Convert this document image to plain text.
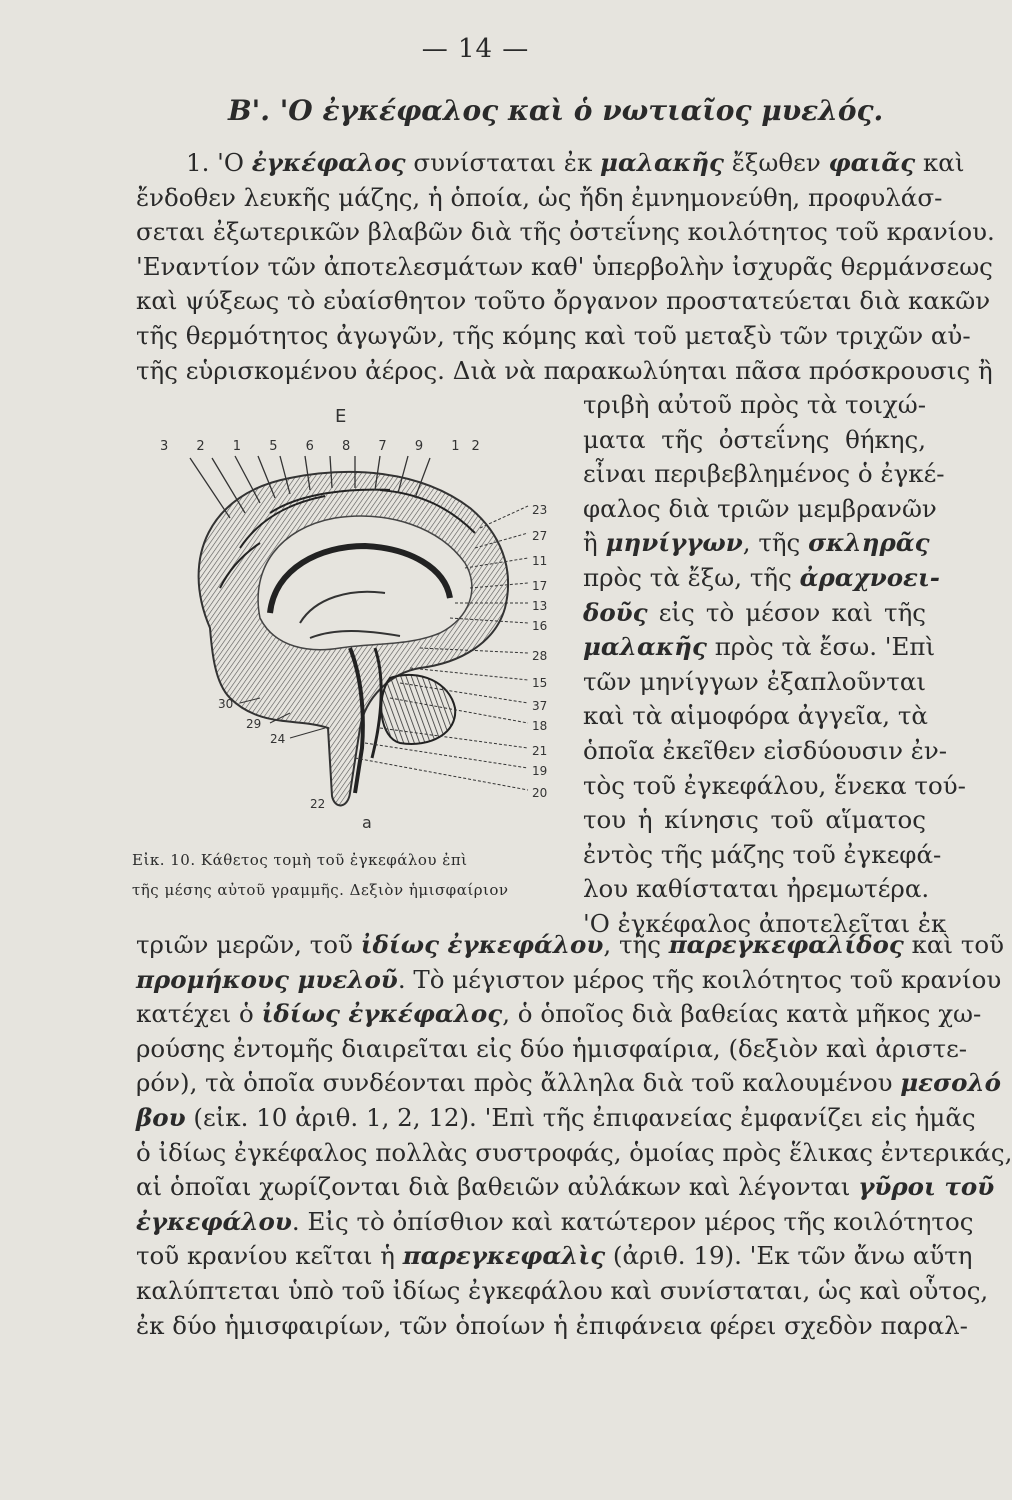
— 14 —
Β'. 'Ο ἐγκέφαλος καὶ ὁ νωτιαῖος μυελός.
1. 'Ο ἐγκέφαλος συνίσταται ἐκ μαλακῆς ἔξωθεν φαιᾶς καὶ
ἔνδοθεν λευκῆς μάζης, ἡ ὁποία, ὡς ἤδη ἐμνημονεύθη, προφυλάσ-
σεται ἐξωτερικῶν βλαβῶν διὰ τῆς ὀστεΐνης κοιλότητος τοῦ κρανίου.
'Εναντίον τῶν ἀποτελεσμάτων καθ' ὑπερβολὴν ἰσχυρᾶς θερμάνσεως
καὶ ψύξεως τὸ εὐαίσθητον τοῦτο ὄργανον προστατεύεται διὰ κακῶν
τῆς θερμότητος ἀγωγῶν, τῆς κόμης καὶ τοῦ μεταξὺ τῶν τριχῶν αὐ-
τῆς εὑρισκομένου ἀέρος. Διὰ νὰ παρακωλύηται πᾶσα πρόσκρουσις ἢ
τριβὴ αὐτοῦ πρὸς τὰ τοιχώ-
ματα τῆς ὀστεΐνης θήκης,
εἶναι περιβεβλημένος ὁ ἐγκέ-
φαλος διὰ τριῶν μεμβρανῶν
ἢ μηνίγγων, τῆς σκληρᾶς
πρὸς τὰ ἔξω, τῆς ἀραχνοει-
δοῦς εἰς τὸ μέσον καὶ τῆς
μαλακῆς πρὸς τὰ ἔσω. 'Επὶ
τῶν μηνίγγων ἐξαπλοῦνται
καὶ τὰ αἱμοφόρα ἀγγεῖα, τὰ
ὁποῖα ἐκεῖθεν εἰσδύουσιν ἐν-
τὸς τοῦ ἐγκεφάλου, ἕνεκα τού-
του ἡ κίνησις τοῦ αἵματος
ἐντὸς τῆς μάζης τοῦ ἐγκεφά-
λου καθίσταται ἠρεμωτέρα.
'Ο ἐγκέφαλος ἀποτελεῖται ἐκ
E
3 2 1 5 6 8 7 9 12
23
27
11
17
13
16
28
15
37
18
21
19
20
30
29
24
22
a
Εἰκ. 10. Κάθετος τομὴ τοῦ ἐγκεφάλου ἐπὶ
τῆς μέσης αὐτοῦ γραμμῆς. Δεξιὸν ἡμισφαίριον
τριῶν μερῶν, τοῦ ἰδίως ἐγκεφάλου, τῆς παρεγκεφαλίδος καὶ τοῦ
προμήκους μυελοῦ. Τὸ μέγιστον μέρος τῆς κοιλότητος τοῦ κρανίου
κατέχει ὁ ἰδίως ἐγκέφαλος, ὁ ὁποῖος διὰ βαθείας κατὰ μῆκος χω-
ρούσης ἐντομῆς διαιρεῖται εἰς δύο ἡμισφαίρια, (δεξιὸν καὶ ἀριστε-
ρόν), τὰ ὁποῖα συνδέονται πρὸς ἄλληλα διὰ τοῦ καλουμένου μεσολό
βου (εἰκ. 10 ἀριθ. 1, 2, 12). 'Επὶ τῆς ἐπιφανείας ἐμφανίζει εἰς ἡμᾶς
ὁ ἰδίως ἐγκέφαλος πολλὰς συστροφάς, ὁμοίας πρὸς ἕλικας ἐντερικάς,
αἱ ὁποῖαι χωρίζονται διὰ βαθειῶν αὐλάκων καὶ λέγονται γῦροι τοῦ
ἐγκεφάλου. Εἰς τὸ ὀπίσθιον καὶ κατώτερον μέρος τῆς κοιλότητος
τοῦ κρανίου κεῖται ἡ παρεγκεφαλὶς (ἀριθ. 19). 'Εκ τῶν ἄνω αὕτη
καλύπτεται ὑπὸ τοῦ ἰδίως ἐγκεφάλου καὶ συνίσταται, ὡς καὶ οὗτος,
ἐκ δύο ἡμισφαιρίων, τῶν ὁποίων ἡ ἐπιφάνεια φέρει σχεδὸν παραλ-
